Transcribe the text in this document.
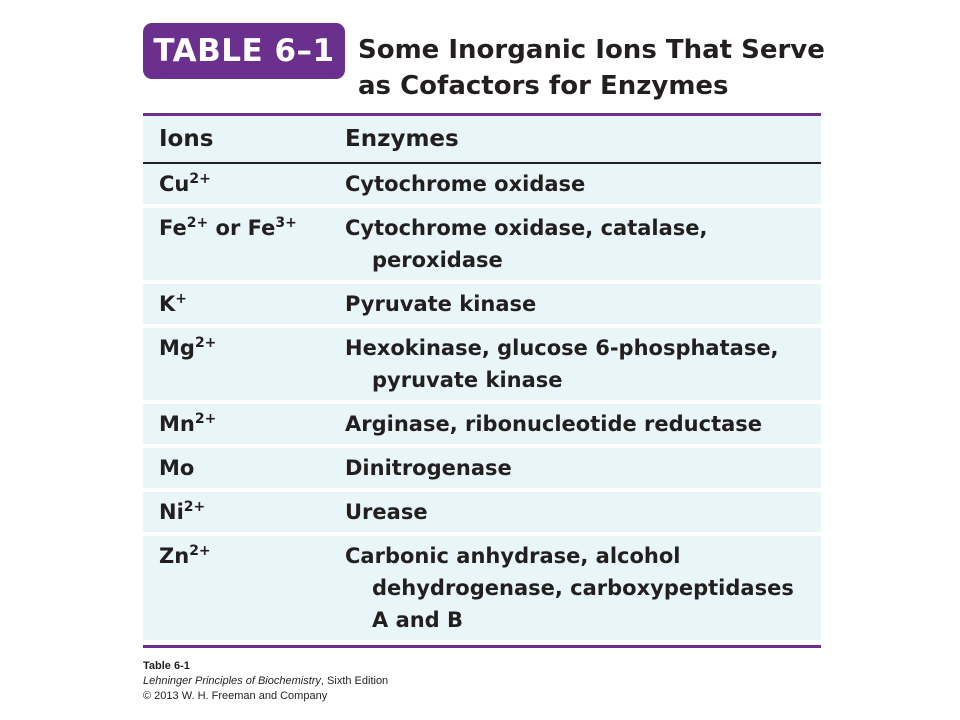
TABLE 6–1 Some Inorganic Ions That Serve as Cofactors for Enzymes
Ions	Enzymes
$Cu^{2+}$	Cytochrome oxidase
$Fe^{2+}$ or $Fe^{3+}$	Cytochrome oxidase, catalase,
peroxidase
K+	Pyruvate kinase
$Mg^{2+}$	Hexokinase, glucose 6-phosphatase,
pyruvate kinase
$Mn^{2+}$	Arginase, ribonucleotide reductase
Mo	Dinitrogenase
$Ni^{2+}$	Urease
$Zn^{2+}$	Carbonic anhydrase, alcohol
dehydrogenase, carboxypeptidases
A and B
Table 6-1
Lehninger Principles of Biochemistry, Sixth Edition
© 2013 W. H. Freeman and Company
